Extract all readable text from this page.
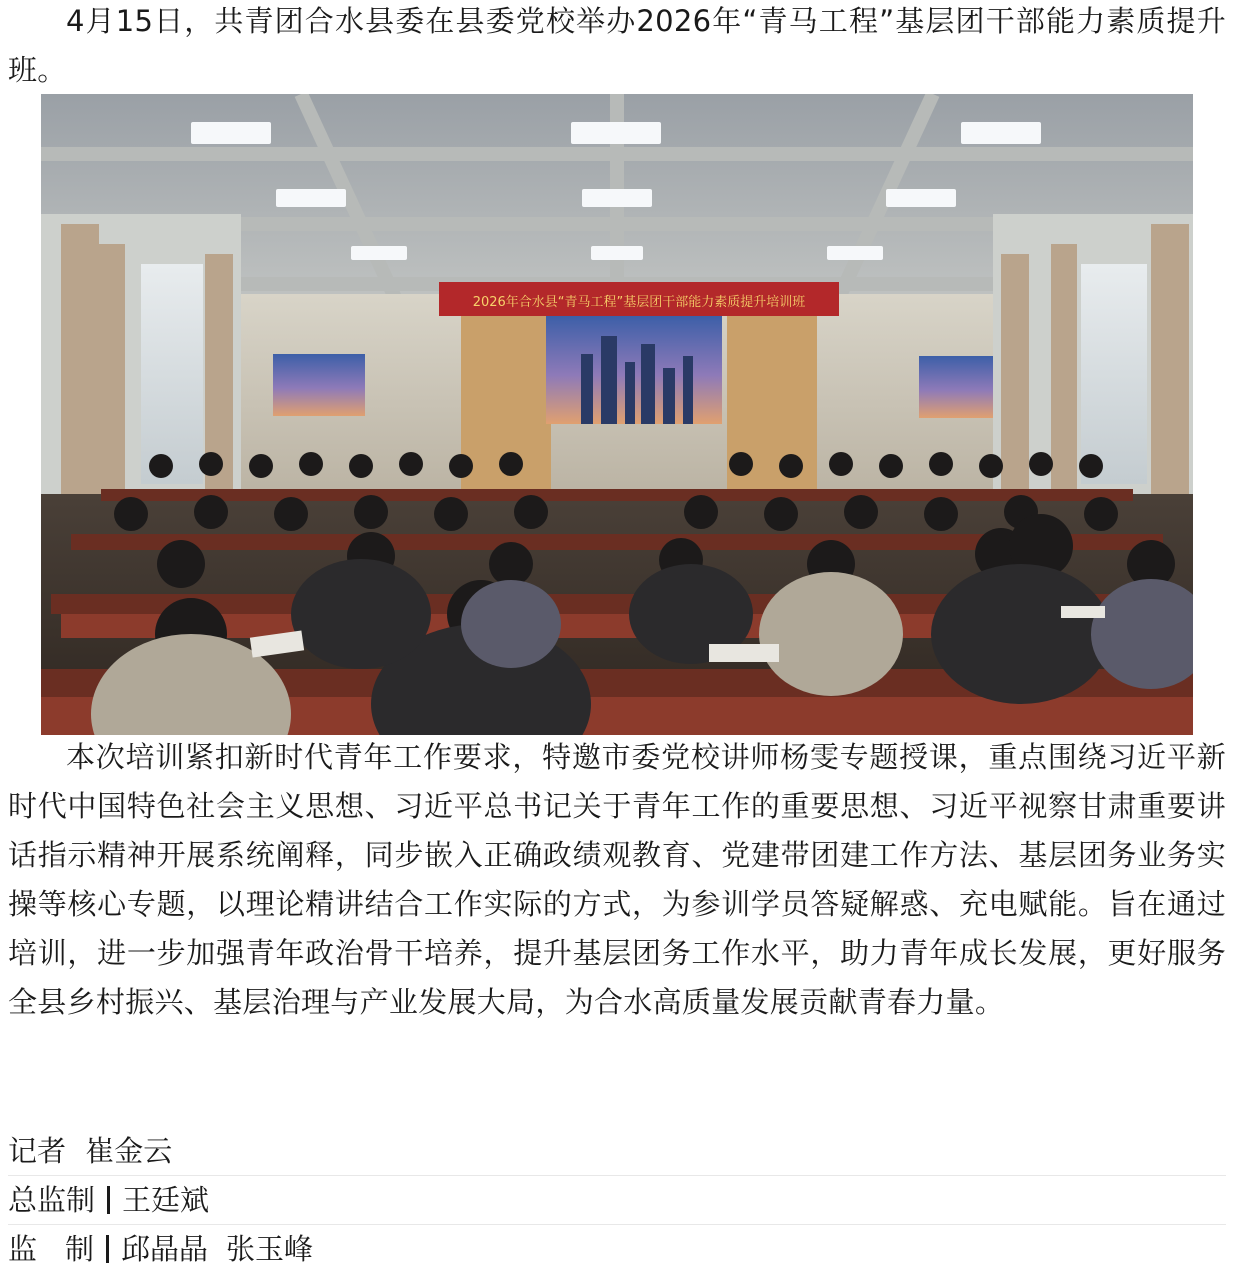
4月15日，共青团合水县委在县委党校举办2026年“青马工程”基层团干部能力素质提升班。

2026年合水县“青马工程”基层团干部能力素质提升培训班

本次培训紧扣新时代青年工作要求，特邀市委党校讲师杨雯专题授课，重点围绕习近平新时代中国特色社会主义思想、习近平总书记关于青年工作的重要思想、习近平视察甘肃重要讲话指示精神开展系统阐释，同步嵌入正确政绩观教育、党建带团建工作方法、基层团务业务实操等核心专题，以理论精讲结合工作实际的方式，为参训学员答疑解惑、充电赋能。旨在通过培训，进一步加强青年政治骨干培养，提升基层团务工作水平，助力青年成长发展，更好服务全县乡村振兴、基层治理与产业发展大局，为合水高质量发展贡献青春力量。

记者 崔金云
总监制 王廷斌
监 制 邱晶晶 张玉峰
